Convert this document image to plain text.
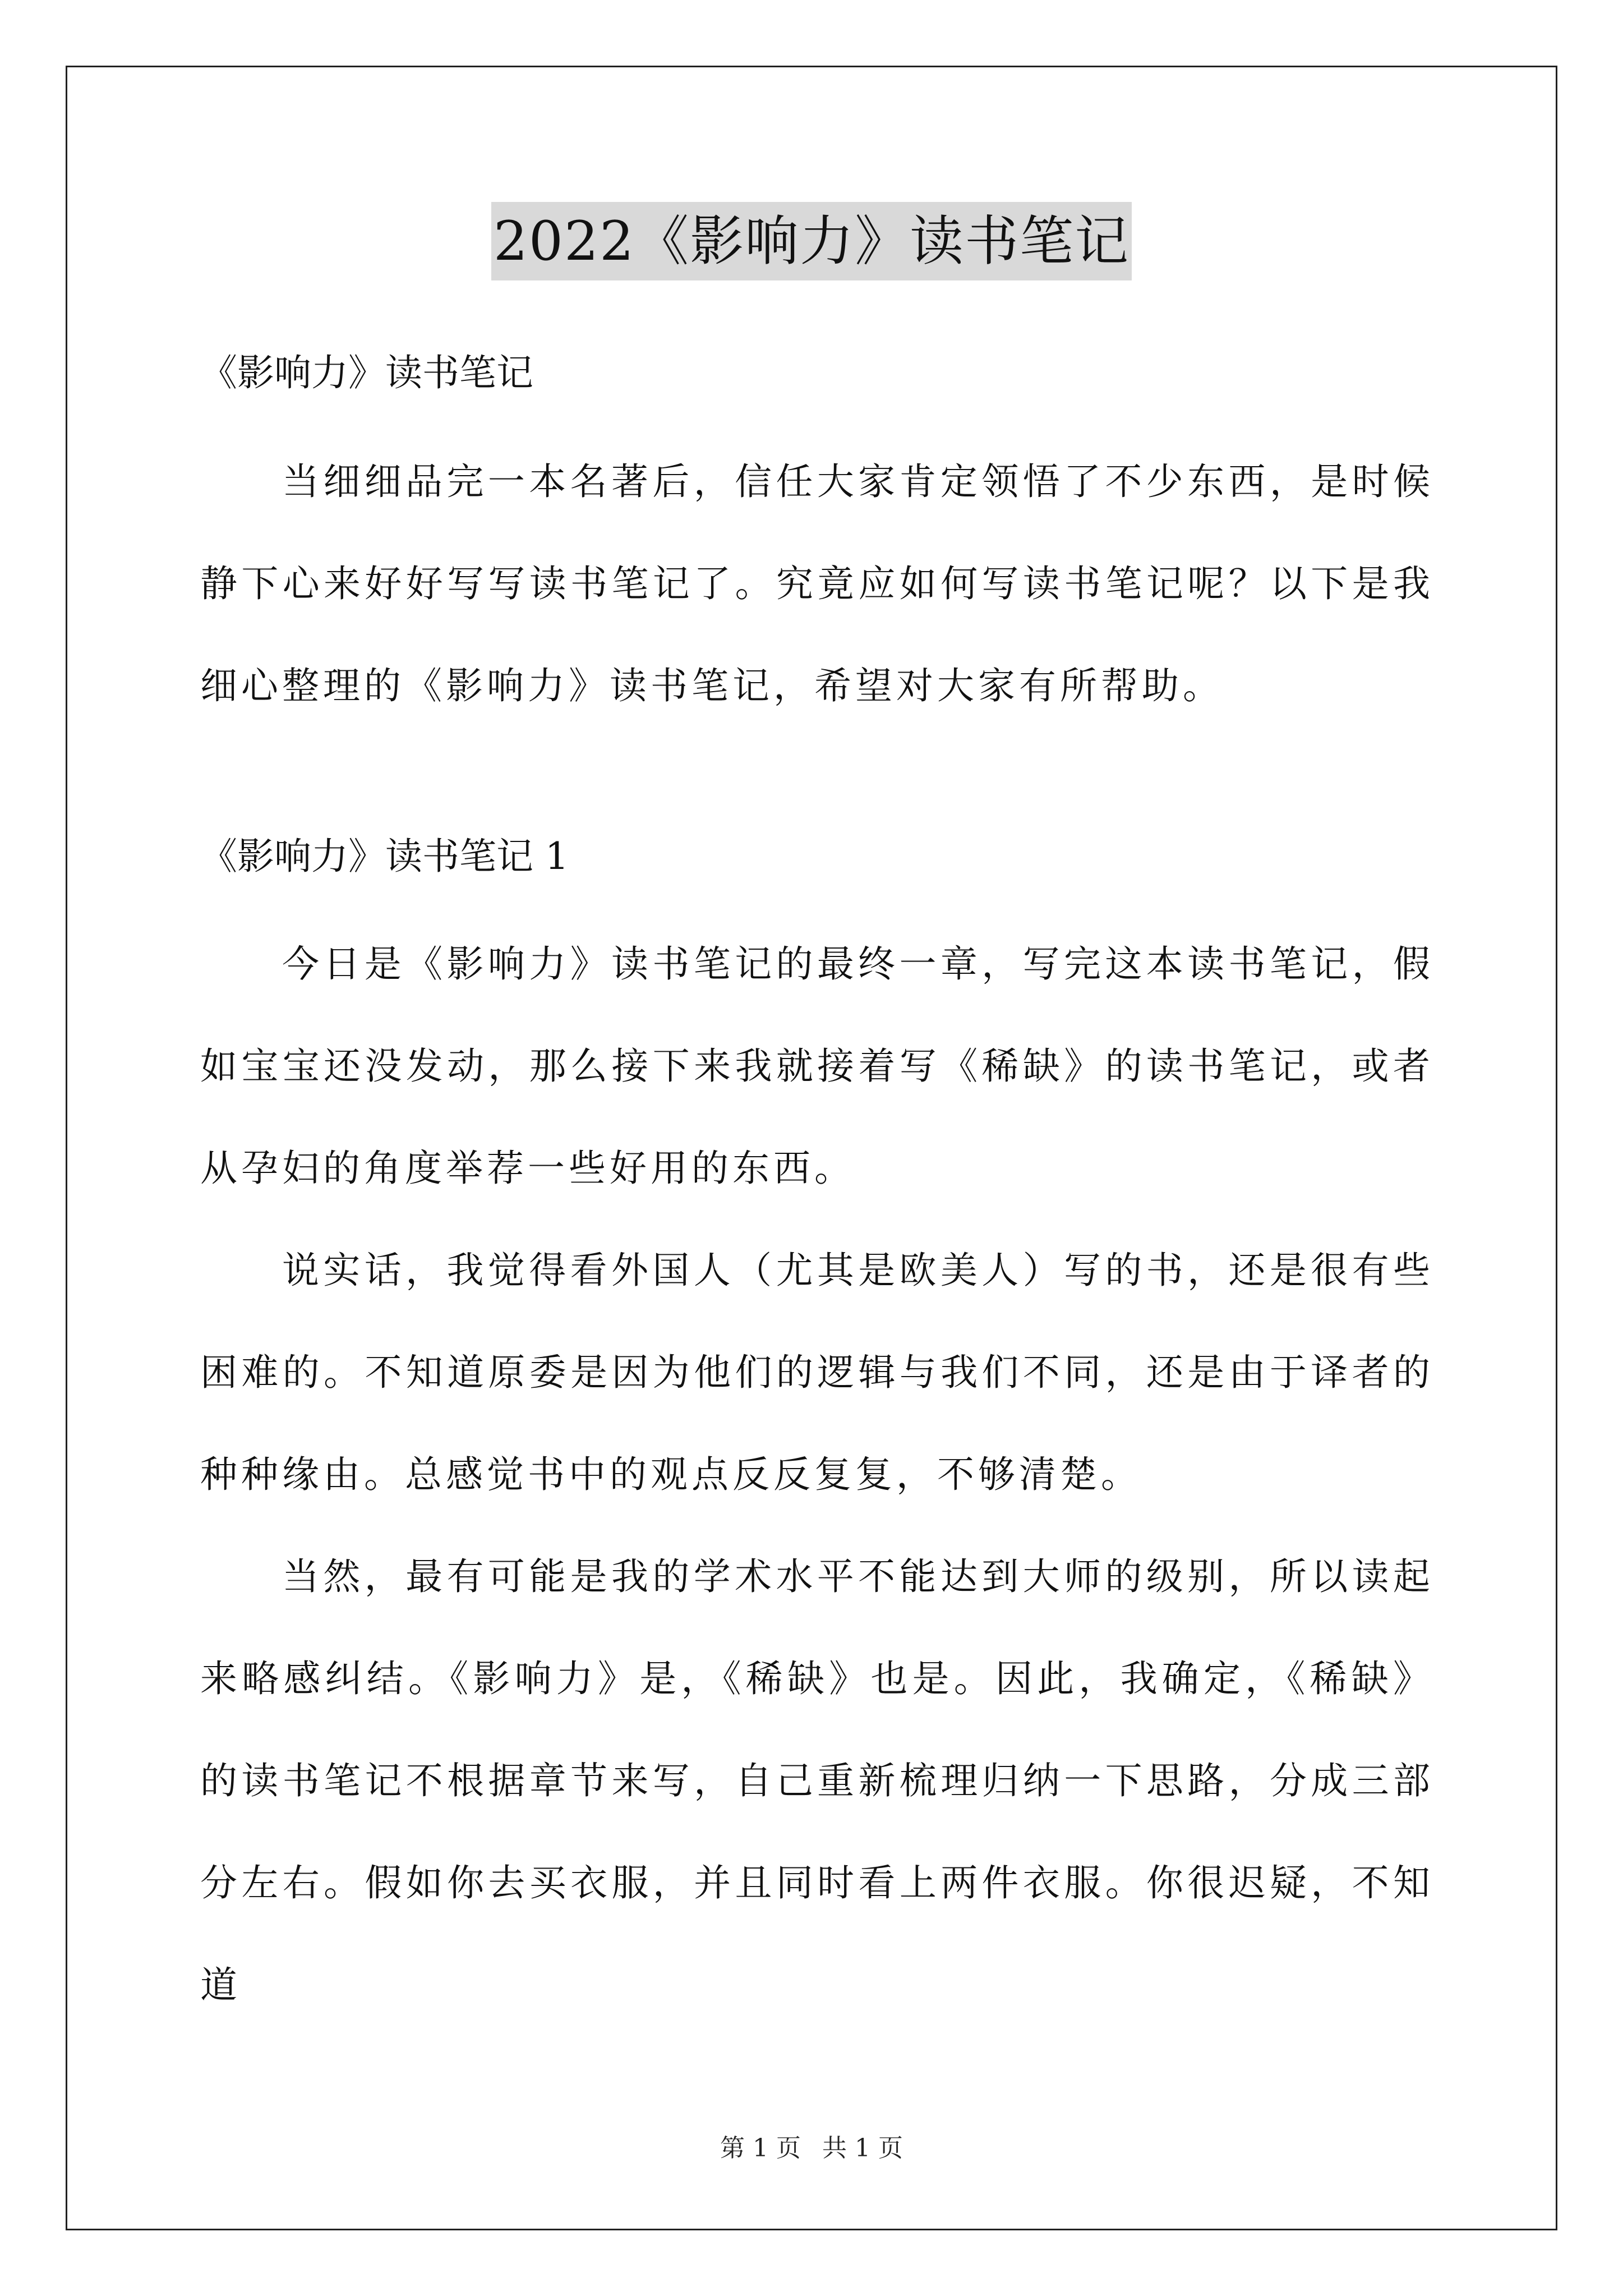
2022《影响力》读书笔记

《影响力》读书笔记

当细细品完一本名著后，信任大家肯定领悟了不少东西，是时候静下心来好好写写读书笔记了。究竟应如何写读书笔记呢？以下是我细心整理的《影响力》读书笔记，希望对大家有所帮助。

《影响力》读书笔记 1

今日是《影响力》读书笔记的最终一章，写完这本读书笔记，假如宝宝还没发动，那么接下来我就接着写《稀缺》的读书笔记，或者从孕妇的角度举荐一些好用的东西。

说实话，我觉得看外国人（尤其是欧美人）写的书，还是很有些困难的。不知道原委是因为他们的逻辑与我们不同，还是由于译者的种种缘由。总感觉书中的观点反反复复，不够清楚。

当然，最有可能是我的学术水平不能达到大师的级别，所以读起来略感纠结。《影响力》是，《稀缺》也是。因此，我确定，《稀缺》的读书笔记不根据章节来写，自己重新梳理归纳一下思路，分成三部分左右。假如你去买衣服，并且同时看上两件衣服。你很迟疑，不知道

第 1 页 共 1 页
